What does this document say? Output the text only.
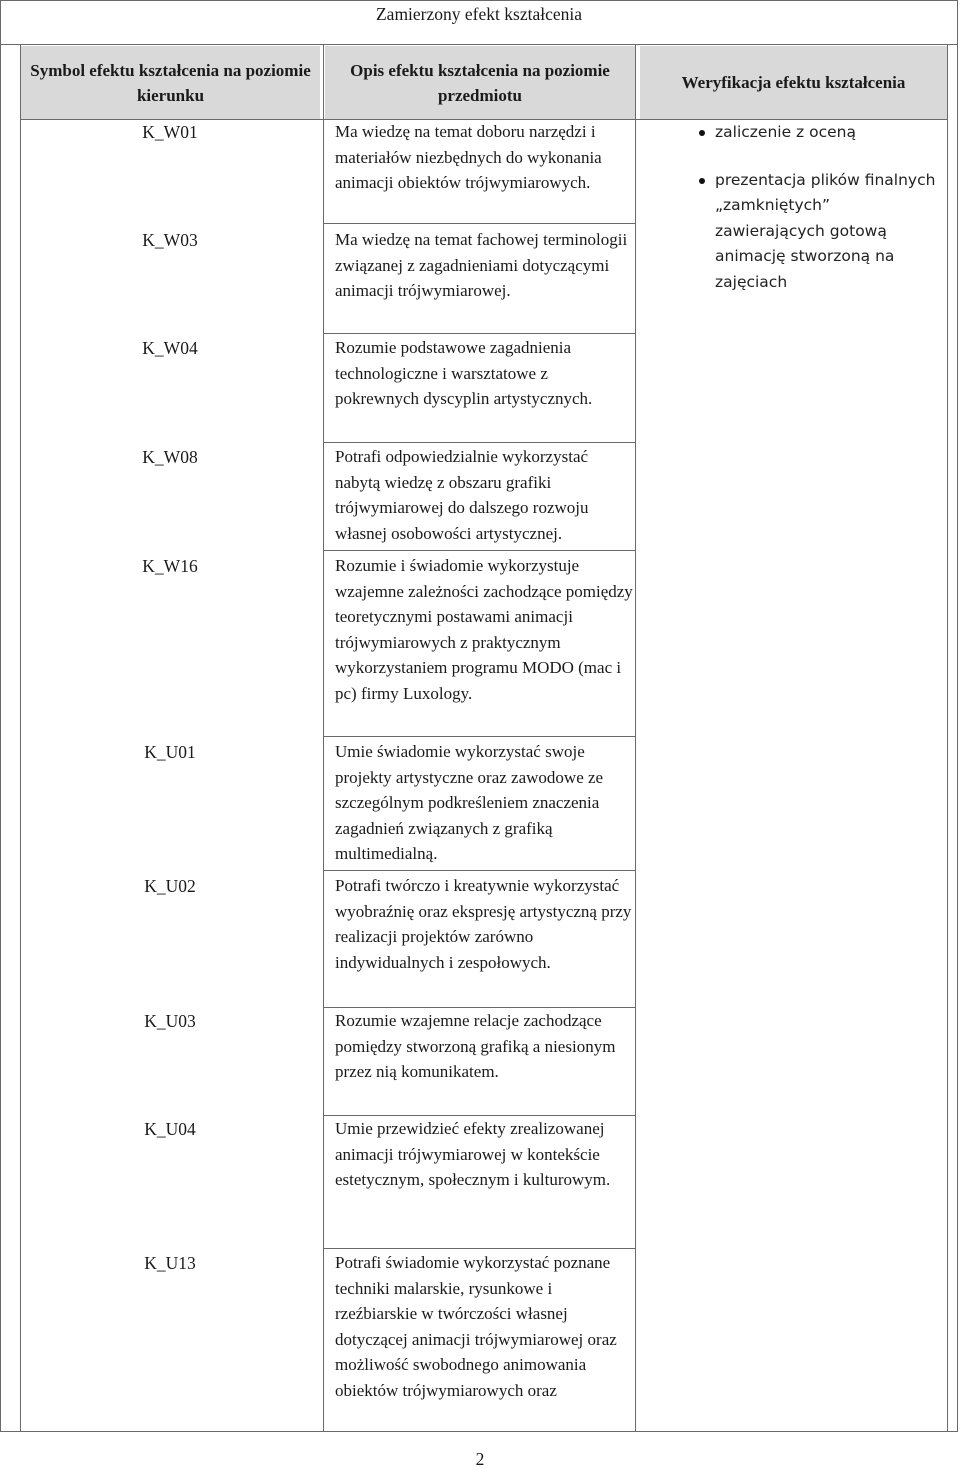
Zamierzony efekt kształcenia
Symbol efektu kształcenia na poziomie kierunku
Opis efektu kształcenia na poziomie przedmiotu
Weryfikacja efektu kształcenia
K_W01
K_W03
K_W04
K_W08
K_W16
K_U01
K_U02
K_U03
K_U04
K_U13
Ma wiedzę na temat doboru narzędzi i materiałów niezbędnych do wykonania animacji obiektów trójwymiarowych.
Ma wiedzę na temat fachowej terminologii związanej z zagadnieniami dotyczącymi animacji trójwymiarowej.
Rozumie podstawowe zagadnienia technologiczne i warsztatowe z pokrewnych dyscyplin artystycznych.
Potrafi odpowiedzialnie wykorzystać nabytą wiedzę z obszaru grafiki trójwymiarowej do dalszego rozwoju własnej osobowości artystycznej.
Rozumie i świadomie wykorzystuje wzajemne zależności zachodzące pomiędzy teoretycznymi postawami animacji trójwymiarowych z praktycznym wykorzystaniem programu MODO (mac i pc) firmy Luxology.
Umie świadomie wykorzystać swoje projekty artystyczne oraz zawodowe ze szczególnym podkreśleniem znaczenia zagadnień związanych z grafiką multimedialną.
Potrafi twórczo i kreatywnie wykorzystać wyobraźnię oraz ekspresję artystyczną przy realizacji projektów zarówno indywidualnych i zespołowych.
Rozumie wzajemne relacje zachodzące pomiędzy stworzoną grafiką a niesionym przez nią komunikatem.
Umie przewidzieć efekty zrealizowanej animacji trójwymiarowej w kontekście estetycznym, społecznym i kulturowym.
Potrafi świadomie wykorzystać poznane techniki malarskie, rysunkowe i rzeźbiarskie w twórczości własnej dotyczącej animacji trójwymiarowej oraz możliwość swobodnego animowania obiektów trójwymiarowych oraz
zaliczenie z oceną
prezentacja plików finalnych „zamkniętych” zawierających gotową animację stworzoną na zajęciach
2
